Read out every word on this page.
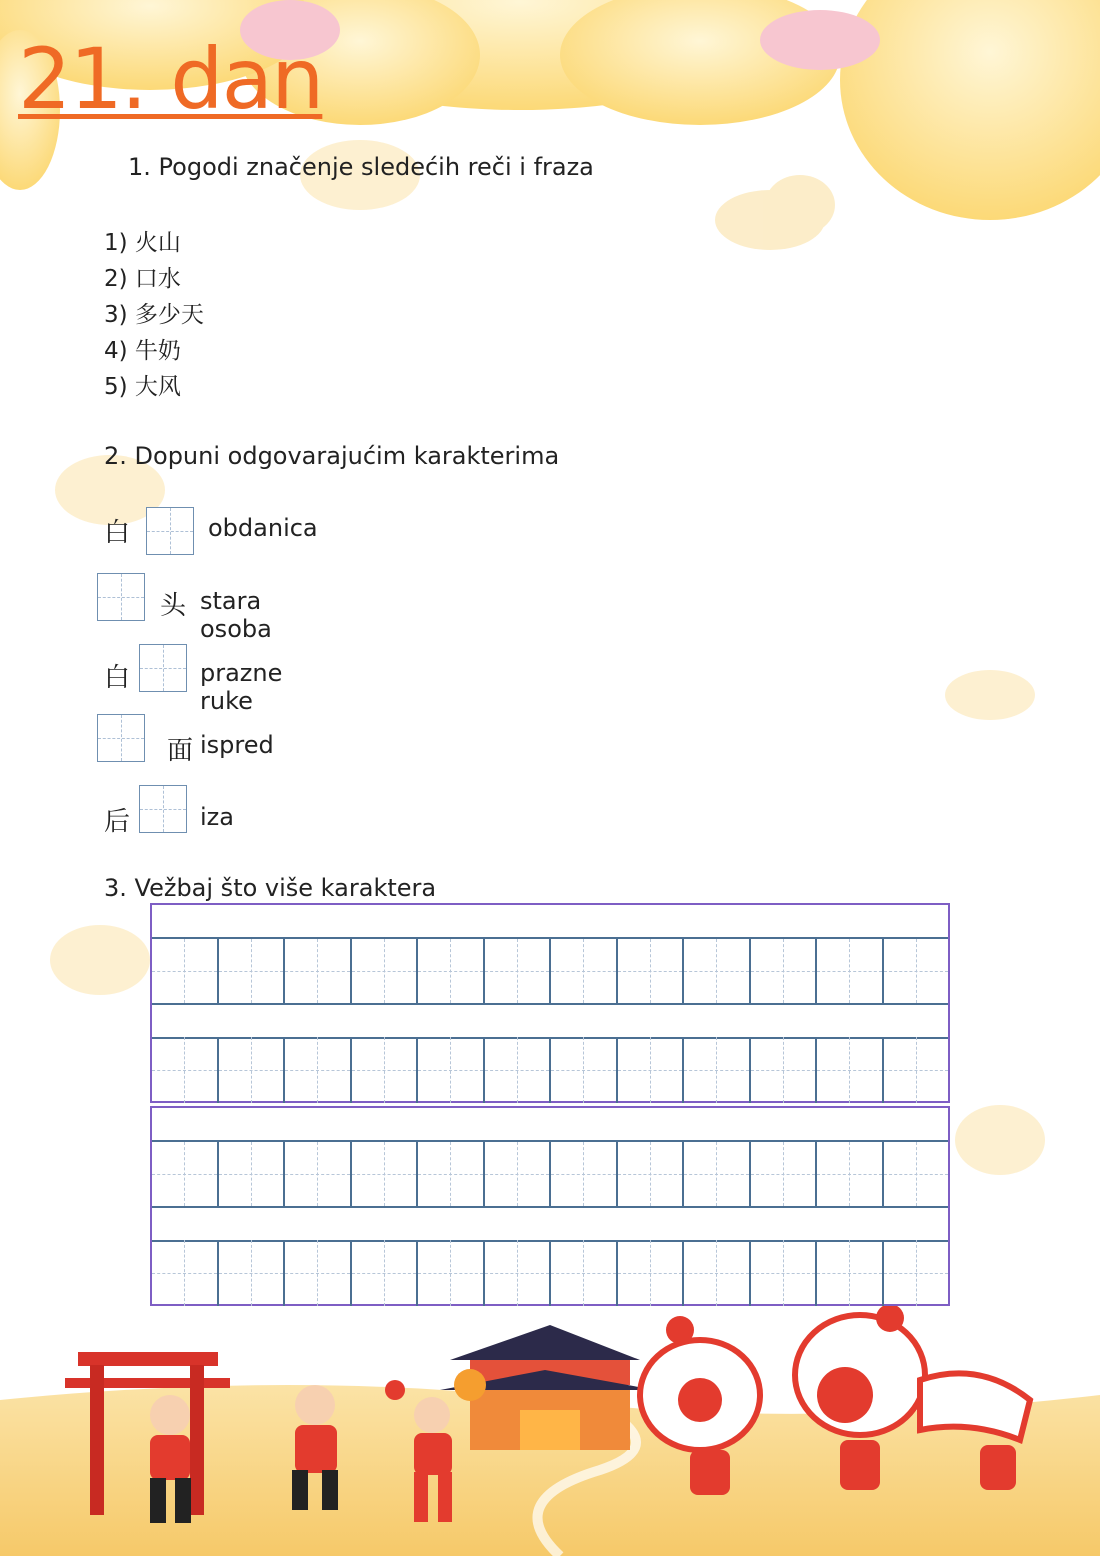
21. dan
1. Pogodi značenje sledećih reči i fraza
1) 火山
2) 口水
3) 多少天
4) 牛奶
5) 大风
2. Dopuni odgovarajućim karakterima
白	obdanica
头 stara osoba
白	prazne ruke
面 ispred
后	iza
3. Vežbaj što više karaktera
